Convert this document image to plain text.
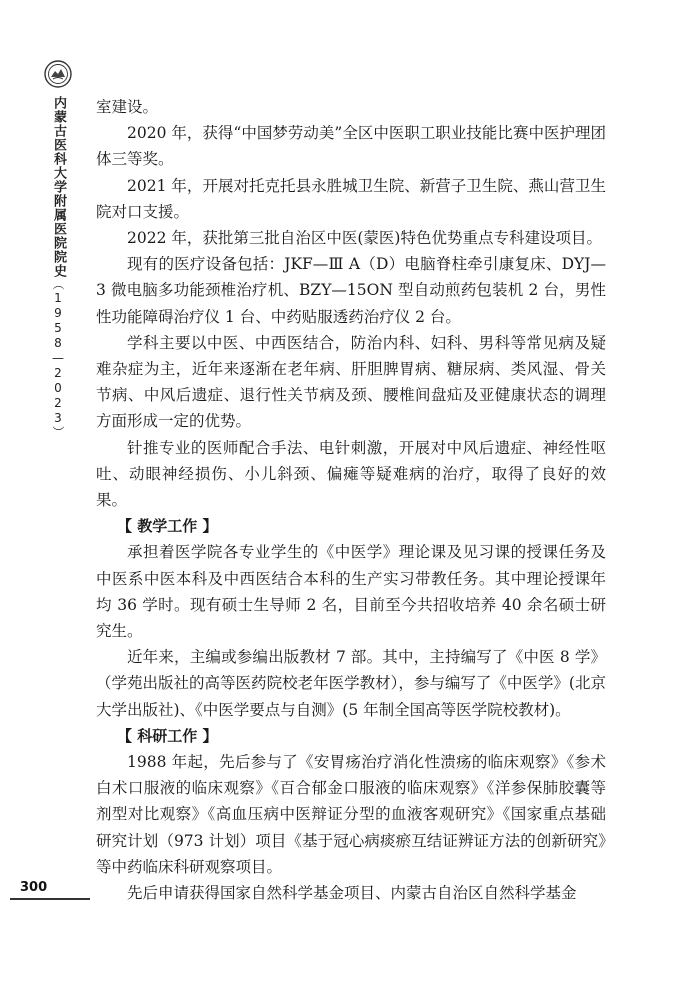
内蒙古医科大学附属医院院史（1958—2023）
300

室建设。

2020 年，获得“中国梦劳动美”全区中医职工职业技能比赛中医护理团体三等奖。

2021 年，开展对托克托县永胜城卫生院、新营子卫生院、燕山营卫生院对口支援。

2022 年，获批第三批自治区中医(蒙医)特色优势重点专科建设项目。

现有的医疗设备包括：JKF—Ⅲ A（D）电脑脊柱牵引康复床、DYJ—3 微电脑多功能颈椎治疗机、BZY—15ON 型自动煎药包装机 2 台，男性性功能障碍治疗仪 1 台、中药贴服透药治疗仪 2 台。

学科主要以中医、中西医结合，防治内科、妇科、男科等常见病及疑难杂症为主，近年来逐渐在老年病、肝胆脾胃病、糖尿病、类风湿、骨关节病、中风后遗症、退行性关节病及颈、腰椎间盘疝及亚健康状态的调理方面形成一定的优势。

针推专业的医师配合手法、电针刺激，开展对中风后遗症、神经性呕吐、动眼神经损伤、小儿斜颈、偏瘫等疑难病的治疗，取得了良好的效果。

【 教学工作 】

承担着医学院各专业学生的《中医学》理论课及见习课的授课任务及中医系中医本科及中西医结合本科的生产实习带教任务。其中理论授课年均 36 学时。现有硕士生导师 2 名，目前至今共招收培养 40 余名硕士研究生。

近年来，主编或参编出版教材 7 部。其中，主持编写了《中医 8 学》（学苑出版社的高等医药院校老年医学教材），参与编写了《中医学》(北京大学出版社)、《中医学要点与自测》(5 年制全国高等医学院校教材)。

【 科研工作 】

1988 年起，先后参与了《安胃疡治疗消化性溃疡的临床观察》《参术白术口服液的临床观察》《百合郁金口服液的临床观察》《洋参保肺胶囊等剂型对比观察》《高血压病中医辩证分型的血液客观研究》《国家重点基础研究计划（973 计划）项目《基于冠心病痰瘀互结证辨证方法的创新研究》等中药临床科研观察项目。

先后申请获得国家自然科学基金项目、内蒙古自治区自然科学基金
